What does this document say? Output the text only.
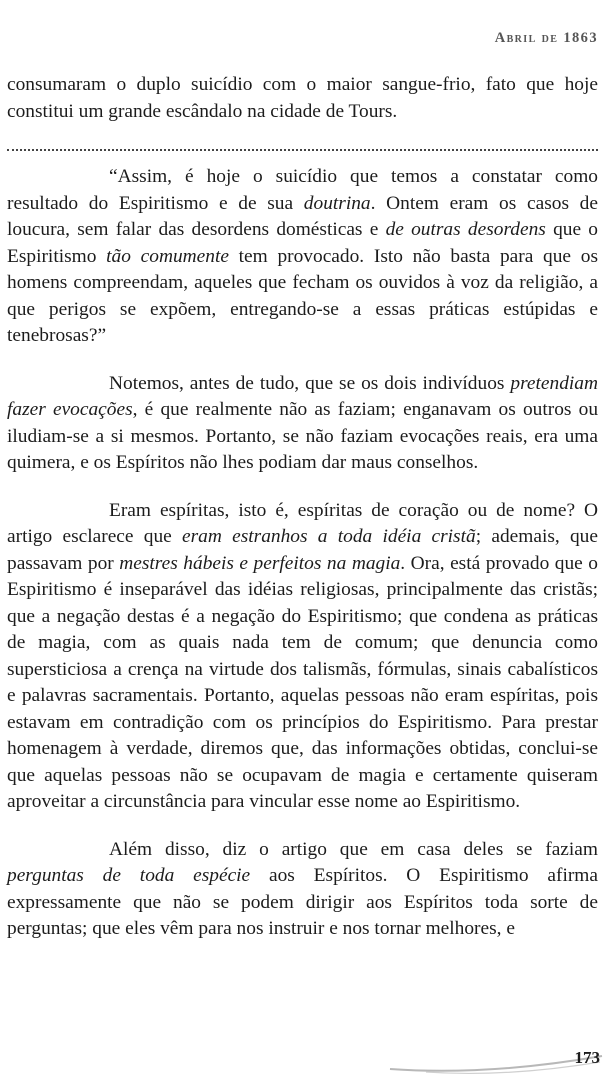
Abril de 1863

consumaram o duplo suicídio com o maior sangue-frio, fato que hoje constitui um grande escândalo na cidade de Tours.

“Assim, é hoje o suicídio que temos a constatar como resultado do Espiritismo e de sua doutrina. Ontem eram os casos de loucura, sem falar das desordens domésticas e de outras desordens que o Espiritismo tão comumente tem provocado. Isto não basta para que os homens compreendam, aqueles que fecham os ouvidos à voz da religião, a que perigos se expõem, entregando-se a essas práticas estúpidas e tenebrosas?”

Notemos, antes de tudo, que se os dois indivíduos pretendiam fazer evocações, é que realmente não as faziam; enganavam os outros ou iludiam-se a si mesmos. Portanto, se não faziam evocações reais, era uma quimera, e os Espíritos não lhes podiam dar maus conselhos.

Eram espíritas, isto é, espíritas de coração ou de nome? O artigo esclarece que eram estranhos a toda idéia cristã; ademais, que passavam por mestres hábeis e perfeitos na magia. Ora, está provado que o Espiritismo é inseparável das idéias religiosas, principalmente das cristãs; que a negação destas é a negação do Espiritismo; que condena as práticas de magia, com as quais nada tem de comum; que denuncia como supersticiosa a crença na virtude dos talismãs, fórmulas, sinais cabalísticos e palavras sacramentais. Portanto, aquelas pessoas não eram espíritas, pois estavam em contradição com os princípios do Espiritismo. Para prestar homenagem à verdade, diremos que, das informações obtidas, conclui-se que aquelas pessoas não se ocupavam de magia e certamente quiseram aproveitar a circunstância para vincular esse nome ao Espiritismo.

Além disso, diz o artigo que em casa deles se faziam perguntas de toda espécie aos Espíritos. O Espiritismo afirma expressamente que não se podem dirigir aos Espíritos toda sorte de perguntas; que eles vêm para nos instruir e nos tornar melhores, e

173
